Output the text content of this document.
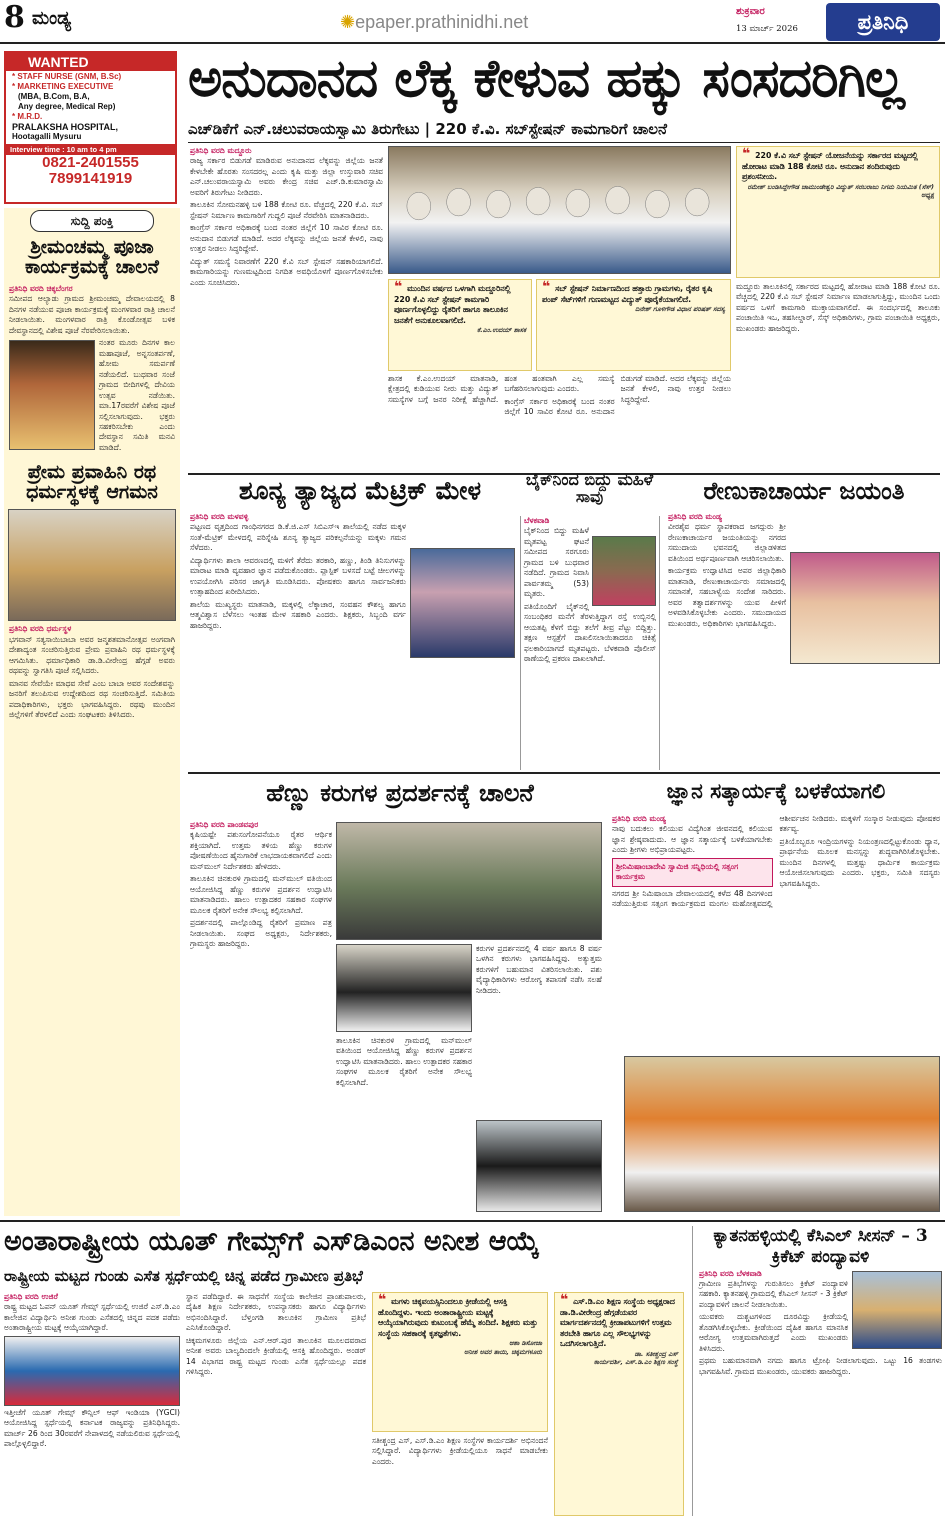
8 ಮಂಡ್ಯ	✺epaper.prathinidhi.net
ಶುಕ್ರವಾರ
13 ಮಾರ್ಚ್ 2026	ಪ್ರತಿನಿಧಿ
WANTED
* STAFF NURSE (GNM, B.Sc)
* MARKETING EXECUTIVE
(MBA, B.Com, B.A,
Any degree, Medical Rep)
* M.R.D.
PRALAKSHA HOSPITAL,
Hootagalli Mysuru
Interview time : 10 am to 4 pm
0821-2401555
7899141919
ಸುದ್ದಿ ಪಂಕ್ತಿ
ಶ್ರೀಮಂಚಮ್ಮ ಪೂಜಾ ಕಾರ್ಯಕ್ರಮಕ್ಕೆ ಚಾಲನೆ
ಪ್ರತಿನಿಧಿ ವರದಿ ಚಿಕ್ಕಬೆಂಗರ

ಸಮೀಪದ ಆಲ್ಯಾಡು ಗ್ರಾಮದ ಶ್ರೀಮಂಚಮ್ಮ ದೇವಾಲಯದಲ್ಲಿ 8 ದಿನಗಳ ನಡೆಯುವ ಪೂಜಾ ಕಾರ್ಯಕ್ರಮಕ್ಕೆ ಮಂಗಳವಾರ ರಾತ್ರಿ ಚಾಲನೆ ನೀಡಲಾಯಿತು. ಮಂಗಳವಾರ ರಾತ್ರಿ ಕೊಂಡೋತ್ಸವ ಬಳಿಕ ದೇವಸ್ಥಾನದಲ್ಲಿ ವಿಶೇಷ ಪೂಜೆ ನೆರವೇರಿಸಲಾಯಿತು.

ನಂತರ ಮೂರು ದಿನಗಳ ಕಾಲ ಮಹಾಪೂಜೆ, ಅನ್ನಸಂತರ್ಪಣೆ, ಹೋಮ ಸಮರ್ಪಣೆ ನಡೆಯಲಿದೆ. ಬುಧವಾರ ಸಂಜೆ ಗ್ರಾಮದ ಬೀದಿಗಳಲ್ಲಿ ದೇವಿಯ ಉತ್ಸವ ನಡೆಯಿತು. ಮಾ.17ರವರೆಗೆ ವಿಶೇಷ ಪೂಜೆ ಸಲ್ಲಿಸಲಾಗುವುದು. ಭಕ್ತರು ಸಹಕರಿಸಬೇಕು ಎಂದು ದೇವಸ್ಥಾನ ಸಮಿತಿ ಮನವಿ ಮಾಡಿದೆ.

ಪ್ರೇಮ ಪ್ರವಾಹಿನಿ ರಥ ಧರ್ಮಸ್ಥಳಕ್ಕೆ ಆಗಮನ
ಪ್ರತಿನಿಧಿ ವರದಿ ಧರ್ಮಸ್ಥಳ

ಭಗವಾನ್ ಸತ್ಯಸಾಯಿಬಾಬಾ ಅವರ ಜನ್ಮಶತಮಾನೋತ್ಸವ ಅಂಗವಾಗಿ ದೇಶಾದ್ಯಂತ ಸಂಚರಿಸುತ್ತಿರುವ ಪ್ರೇಮ ಪ್ರವಾಹಿನಿ ರಥ ಧರ್ಮಸ್ಥಳಕ್ಕೆ ಆಗಮಿಸಿತು. ಧರ್ಮಾಧಿಕಾರಿ ಡಾ.ಡಿ.ವೀರೇಂದ್ರ ಹೆಗ್ಗಡೆ ಅವರು ರಥವನ್ನು ಸ್ವಾಗತಿಸಿ ಪೂಜೆ ಸಲ್ಲಿಸಿದರು.

ಮಾನವ ಸೇವೆಯೇ ಮಾಧವ ಸೇವೆ ಎಂಬ ಬಾಬಾ ಅವರ ಸಂದೇಶವನ್ನು ಜನರಿಗೆ ತಲುಪಿಸುವ ಉದ್ದೇಶದಿಂದ ರಥ ಸಂಚರಿಸುತ್ತಿದೆ. ಸಮಿತಿಯ ಪದಾಧಿಕಾರಿಗಳು, ಭಕ್ತರು ಭಾಗವಹಿಸಿದ್ದರು. ರಥವು ಮುಂದಿನ ಜಿಲ್ಲೆಗಳಿಗೆ ತೆರಳಲಿದೆ ಎಂದು ಸಂಘಟಕರು ತಿಳಿಸಿದರು.

ಅನುದಾನದ ಲೆಕ್ಕ ಕೇಳುವ ಹಕ್ಕು ಸಂಸದರಿಗಿಲ್ಲ
ಎಚ್‌ಡಿಕೆಗೆ ಎನ್.ಚಲುವರಾಯಸ್ವಾಮಿ ತಿರುಗೇಟು | 220 ಕೆ.ವಿ. ಸಬ್‌ಸ್ಟೇಷನ್ ಕಾಮಗಾರಿಗೆ ಚಾಲನೆ
ಪ್ರತಿನಿಧಿ ವರದಿ ಮದ್ದೂರು

ರಾಜ್ಯ ಸರ್ಕಾರ ಬಿಡುಗಡೆ ಮಾಡಿರುವ ಅನುದಾನದ ಲೆಕ್ಕವನ್ನು ಜಿಲ್ಲೆಯ ಜನತೆ ಕೇಳಬೇಕೇ ಹೊರತು ಸಂಸದರಲ್ಲ ಎಂದು ಕೃಷಿ ಮತ್ತು ಜಿಲ್ಲಾ ಉಸ್ತುವಾರಿ ಸಚಿವ ಎನ್.ಚಲುವರಾಯಸ್ವಾಮಿ ಅವರು ಕೇಂದ್ರ ಸಚಿವ ಎಚ್.ಡಿ.ಕುಮಾರಸ್ವಾಮಿ ಅವರಿಗೆ ತಿರುಗೇಟು ನೀಡಿದರು.

ತಾಲೂಕಿನ ಸೋಮನಹಳ್ಳಿ ಬಳಿ 188 ಕೋಟಿ ರೂ. ವೆಚ್ಚದಲ್ಲಿ 220 ಕೆ.ವಿ. ಸಬ್ ಸ್ಟೇಷನ್ ನಿರ್ಮಾಣ ಕಾಮಗಾರಿಗೆ ಗುದ್ದಲಿ ಪೂಜೆ ನೆರವೇರಿಸಿ ಮಾತನಾಡಿದರು.

ಕಾಂಗ್ರೆಸ್ ಸರ್ಕಾರ ಅಧಿಕಾರಕ್ಕೆ ಬಂದ ನಂತರ ಜಿಲ್ಲೆಗೆ 10 ಸಾವಿರ ಕೋಟಿ ರೂ. ಅನುದಾನ ಬಿಡುಗಡೆ ಮಾಡಿದೆ. ಅದರ ಲೆಕ್ಕವನ್ನು ಜಿಲ್ಲೆಯ ಜನತೆ ಕೇಳಲಿ, ನಾವು ಉತ್ತರ ನೀಡಲು ಸಿದ್ಧರಿದ್ದೇವೆ.

ವಿದ್ಯುತ್ ಸಮಸ್ಯೆ ನಿವಾರಣೆಗೆ 220 ಕೆ.ವಿ ಸಬ್ ಸ್ಟೇಷನ್ ಸಹಕಾರಿಯಾಗಲಿದೆ. ಕಾಮಗಾರಿಯನ್ನು ಗುಣಮಟ್ಟದಿಂದ ನಿಗದಿತ ಅವಧಿಯೊಳಗೆ ಪೂರ್ಣಗೊಳಿಸಬೇಕು ಎಂದು ಸೂಚಿಸಿದರು.	❝ ಮುಂದಿನ ವರ್ಷದ ಒಳಗಾಗಿ ಮದ್ದೂರಿನಲ್ಲಿ 220 ಕೆ.ವಿ ಸಬ್ ಸ್ಟೇಷನ್ ಕಾಮಗಾರಿ ಪೂರ್ಣಗೊಳ್ಳಲಿದ್ದು ರೈತರಿಗೆ ಹಾಗೂ ತಾಲೂಕಿನ ಜನತೆಗೆ ಅನುಕೂಲವಾಗಲಿದೆ.
ಕೆ.ಎಂ.ಉದಯ್ ಶಾಸಕ
❝ ಸಬ್ ಸ್ಟೇಷನ್ ನಿರ್ಮಾಣದಿಂದ ಹತ್ತಾರು ಗ್ರಾಮಗಳು, ರೈತರ ಕೃಷಿ ಪಂಪ್ ಸೆಟ್‌ಗಳಿಗೆ ಗುಣಮಟ್ಟದ ವಿದ್ಯುತ್ ಪೂರೈಕೆಯಾಗಲಿದೆ.
ದಿನೇಶ್ ಗೂಳಿಗೌಡ ವಿಧಾನ ಪರಿಷತ್ ಸದಸ್ಯ

ಶಾಸಕ ಕೆ.ಎಂ.ಉದಯ್ ಮಾತನಾಡಿ, ಕ್ಷೇತ್ರದಲ್ಲಿ ಕುಡಿಯುವ ನೀರು ಮತ್ತು ವಿದ್ಯುತ್ ಸಮಸ್ಯೆಗಳ ಬಗ್ಗೆ ಜನರ ನಿರೀಕ್ಷೆ ಹೆಚ್ಚಾಗಿದೆ. ಹಂತ ಹಂತವಾಗಿ ಎಲ್ಲ ಸಮಸ್ಯೆ ಬಗೆಹರಿಸಲಾಗುವುದು ಎಂದರು.

ಕಾಂಗ್ರೆಸ್ ಸರ್ಕಾರ ಅಧಿಕಾರಕ್ಕೆ ಬಂದ ನಂತರ ಜಿಲ್ಲೆಗೆ 10 ಸಾವಿರ ಕೋಟಿ ರೂ. ಅನುದಾನ ಬಿಡುಗಡೆ ಮಾಡಿದೆ. ಅದರ ಲೆಕ್ಕವನ್ನು ಜಿಲ್ಲೆಯ ಜನತೆ ಕೇಳಲಿ, ನಾವು ಉತ್ತರ ನೀಡಲು ಸಿದ್ಧರಿದ್ದೇವೆ.

❝ 220 ಕೆ.ವಿ ಸಬ್ ಸ್ಟೇಷನ್ ಯೋಜನೆಯನ್ನು ಸರ್ಕಾರದ ಮಟ್ಟದಲ್ಲಿ ಹೋರಾಟ ಮಾಡಿ 188 ಕೋಟಿ ರೂ. ಅನುದಾನ ತಂದಿರುವುದು ಪ್ರಶಂಸನೀಯ.
ರಮೇಶ್ ಬಂಡಿಸಿದ್ದೇಗೌಡ ಚಾಮುಂಡೇಶ್ವರಿ ವಿದ್ಯುತ್ ಸರಬರಾಜು ನಿಗಮ ನಿಯಮಿತ (ಸೆಸ್) ಅಧ್ಯಕ್ಷ

ಮದ್ದೂರು ತಾಲೂಕಿನಲ್ಲಿ ಸರ್ಕಾರದ ಮಟ್ಟದಲ್ಲಿ ಹೋರಾಟ ಮಾಡಿ 188 ಕೋಟಿ ರೂ. ವೆಚ್ಚದಲ್ಲಿ 220 ಕೆ.ವಿ ಸಬ್ ಸ್ಟೇಷನ್ ನಿರ್ಮಾಣ ಮಾಡಲಾಗುತ್ತಿದ್ದು, ಮುಂದಿನ ಒಂದು ವರ್ಷದ ಒಳಗೆ ಕಾಮಗಾರಿ ಮುಕ್ತಾಯವಾಗಲಿದೆ. ಈ ಸಂದರ್ಭದಲ್ಲಿ ತಾಲೂಕು ಪಂಚಾಯಿತಿ ಇಒ, ತಹಸೀಲ್ದಾರ್, ಸೆಸ್ಕ್ ಅಧಿಕಾರಿಗಳು, ಗ್ರಾಮ ಪಂಚಾಯಿತಿ ಅಧ್ಯಕ್ಷರು, ಮುಖಂಡರು ಹಾಜರಿದ್ದರು.

ಶೂನ್ಯ ತ್ಯಾಜ್ಯದ ಮೆಟ್ರಿಕ್ ಮೇಳ
ಪ್ರತಿನಿಧಿ ವರದಿ ಮಳವಳ್ಳಿ

ಪಟ್ಟಣದ ವೃತ್ತದಿಂದ ಗಾಂಧಿನಗರದ ಡಿ.ಕೆ.ಜಿ.ಎಸ್ ಸಿಬಿಎಸ್‌ಇ ಶಾಲೆಯಲ್ಲಿ ನಡೆದ ಮಕ್ಕಳ ಸಂತೆ-ಮೆಟ್ರಿಕ್ ಮೇಳದಲ್ಲಿ ಪರಿಸ್ನೇಹಿ ಶೂನ್ಯ ತ್ಯಾಜ್ಯದ ಪರಿಕಲ್ಪನೆಯನ್ನು ಮಕ್ಕಳು ಗಮನ ಸೆಳೆದರು.

ವಿದ್ಯಾರ್ಥಿಗಳು ಶಾಲಾ ಆವರಣದಲ್ಲಿ ಮಳಿಗೆ ತೆರೆದು ತರಕಾರಿ, ಹಣ್ಣು, ತಿಂಡಿ ತಿನಿಸುಗಳನ್ನು ಮಾರಾಟ ಮಾಡಿ ವ್ಯವಹಾರ ಜ್ಞಾನ ಪಡೆದುಕೊಂಡರು. ಪ್ಲಾಸ್ಟಿಕ್ ಬಳಸದೆ ಬಟ್ಟೆ ಚೀಲಗಳನ್ನು ಉಪಯೋಗಿಸಿ ಪರಿಸರ ಜಾಗೃತಿ ಮೂಡಿಸಿದರು. ಪೋಷಕರು ಹಾಗೂ ಸಾರ್ವಜನಿಕರು ಉತ್ಸಾಹದಿಂದ ಖರೀದಿಸಿದರು.

ಶಾಲೆಯ ಮುಖ್ಯಸ್ಥರು ಮಾತನಾಡಿ, ಮಕ್ಕಳಲ್ಲಿ ಲೆಕ್ಕಾಚಾರ, ಸಂವಹನ ಕೌಶಲ್ಯ ಹಾಗೂ ಆತ್ಮವಿಶ್ವಾಸ ಬೆಳೆಸಲು ಇಂತಹ ಮೇಳ ಸಹಕಾರಿ ಎಂದರು. ಶಿಕ್ಷಕರು, ಸಿಬ್ಬಂದಿ ವರ್ಗ ಹಾಜರಿದ್ದರು.

ಬೈಕ್‌ನಿಂದ ಬಿದ್ದು ಮಹಿಳೆ ಸಾವು
ಬೆಳಕವಾಡಿ

ಬೈಕ್‌ನಿಂದ ಬಿದ್ದು ಮಹಿಳೆ ಮೃತಪಟ್ಟ ಘಟನೆ ಸಮೀಪದ ಸರಗೂರು ಗ್ರಾಮದ ಬಳಿ ಬುಧವಾರ ನಡೆದಿದೆ. ಗ್ರಾಮದ ನಿವಾಸಿ ಪಾರ್ವತಮ್ಮ (53) ಮೃತರು.

ಪತಿಯೊಂದಿಗೆ ಬೈಕ್‌ನಲ್ಲಿ ಸಂಬಂಧಿಕರ ಮನೆಗೆ ತೆರಳುತ್ತಿದ್ದಾಗ ರಸ್ತೆ ಉಬ್ಬಿನಲ್ಲಿ ಆಯತಪ್ಪಿ ಕೆಳಗೆ ಬಿದ್ದು ತಲೆಗೆ ತೀವ್ರ ಪೆಟ್ಟು ಬಿದ್ದಿತ್ತು. ತಕ್ಷಣ ಆಸ್ಪತ್ರೆಗೆ ದಾಖಲಿಸಲಾಯಿತಾದರೂ ಚಿಕಿತ್ಸೆ ಫಲಕಾರಿಯಾಗದೆ ಮೃತಪಟ್ಟರು. ಬೆಳಕವಾಡಿ ಪೊಲೀಸ್ ಠಾಣೆಯಲ್ಲಿ ಪ್ರಕರಣ ದಾಖಲಾಗಿದೆ.

ರೇಣುಕಾಚಾರ್ಯ ಜಯಂತಿ
ಪ್ರತಿನಿಧಿ ವರದಿ ಮಂಡ್ಯ

ವೀರಶೈವ ಧರ್ಮ ಸ್ಥಾಪಕರಾದ ಜಗದ್ಗುರು ಶ್ರೀ ರೇಣುಕಾಚಾರ್ಯರ ಜಯಂತಿಯನ್ನು ನಗರದ ಸಮುದಾಯ ಭವನದಲ್ಲಿ ಜಿಲ್ಲಾಡಳಿತದ ವತಿಯಿಂದ ಅರ್ಥಪೂರ್ಣವಾಗಿ ಆಚರಿಸಲಾಯಿತು.

ಕಾರ್ಯಕ್ರಮ ಉದ್ಘಾಟಿಸಿದ ಅಪರ ಜಿಲ್ಲಾಧಿಕಾರಿ ಮಾತನಾಡಿ, ರೇಣುಕಾಚಾರ್ಯರು ಸಮಾಜದಲ್ಲಿ ಸಮಾನತೆ, ಸಹಬಾಳ್ವೆಯ ಸಂದೇಶ ಸಾರಿದರು. ಅವರ ತತ್ವಾದರ್ಶಗಳನ್ನು ಯುವ ಪೀಳಿಗೆ ಅಳವಡಿಸಿಕೊಳ್ಳಬೇಕು ಎಂದರು. ಸಮುದಾಯದ ಮುಖಂಡರು, ಅಧಿಕಾರಿಗಳು ಭಾಗವಹಿಸಿದ್ದರು.

ಹೆಣ್ಣು ಕರುಗಳ ಪ್ರದರ್ಶನಕ್ಕೆ ಚಾಲನೆ
ಪ್ರತಿನಿಧಿ ವರದಿ ಪಾಂಡವಪುರ

ಕೃಷಿಯಷ್ಟೇ ಪಶುಸಂಗೋಪನೆಯೂ ರೈತರ ಆರ್ಥಿಕ ಶಕ್ತಿಯಾಗಿದೆ. ಉತ್ತಮ ತಳಿಯ ಹೆಣ್ಣು ಕರುಗಳ ಪೋಷಣೆಯಿಂದ ಹೈನುಗಾರಿಕೆ ಲಾಭದಾಯಕವಾಗಲಿದೆ ಎಂದು ಮನ್‌ಮುಲ್ ನಿರ್ದೇಶಕರು ಹೇಳಿದರು.

ತಾಲೂಕಿನ ಚಿನಕುರಳಿ ಗ್ರಾಮದಲ್ಲಿ ಮನ್‌ಮುಲ್ ವತಿಯಿಂದ ಆಯೋಜಿಸಿದ್ದ ಹೆಣ್ಣು ಕರುಗಳ ಪ್ರದರ್ಶನ ಉದ್ಘಾಟಿಸಿ ಮಾತನಾಡಿದರು. ಹಾಲು ಉತ್ಪಾದಕರ ಸಹಕಾರ ಸಂಘಗಳ ಮೂಲಕ ರೈತರಿಗೆ ಅನೇಕ ಸೌಲಭ್ಯ ಕಲ್ಪಿಸಲಾಗಿದೆ.

ಪ್ರದರ್ಶನದಲ್ಲಿ ಪಾಲ್ಗೊಂಡಿದ್ದ ರೈತರಿಗೆ ಪ್ರಮಾಣ ಪತ್ರ ನೀಡಲಾಯಿತು. ಸಂಘದ ಅಧ್ಯಕ್ಷರು, ನಿರ್ದೇಶಕರು, ಗ್ರಾಮಸ್ಥರು ಹಾಜರಿದ್ದರು.

ಕರುಗಳ ಪ್ರದರ್ಶನದಲ್ಲಿ 4 ವರ್ಷ ಹಾಗೂ 8 ವರ್ಷ ಒಳಗಿನ ಕರುಗಳು ಭಾಗವಹಿಸಿದ್ದವು. ಅತ್ಯುತ್ತಮ ಕರುಗಳಿಗೆ ಬಹುಮಾನ ವಿತರಿಸಲಾಯಿತು. ಪಶು ವೈದ್ಯಾಧಿಕಾರಿಗಳು ಆರೋಗ್ಯ ತಪಾಸಣೆ ನಡೆಸಿ ಸಲಹೆ ನೀಡಿದರು.

ತಾಲೂಕಿನ ಚಿನಕುರಳಿ ಗ್ರಾಮದಲ್ಲಿ ಮನ್‌ಮುಲ್ ವತಿಯಿಂದ ಆಯೋಜಿಸಿದ್ದ ಹೆಣ್ಣು ಕರುಗಳ ಪ್ರದರ್ಶನ ಉದ್ಘಾಟಿಸಿ ಮಾತನಾಡಿದರು. ಹಾಲು ಉತ್ಪಾದಕರ ಸಹಕಾರ ಸಂಘಗಳ ಮೂಲಕ ರೈತರಿಗೆ ಅನೇಕ ಸೌಲಭ್ಯ ಕಲ್ಪಿಸಲಾಗಿದೆ.

ಜ್ಞಾನ ಸತ್ಕಾರ್ಯಕ್ಕೆ ಬಳಕೆಯಾಗಲಿ
ಪ್ರತಿನಿಧಿ ವರದಿ ಮಂಡ್ಯ

ನಾವು ಬದುಕಲು ಕಲಿಯುವ ವಿದ್ಯೆಗಿಂತ ಜೀವನದಲ್ಲಿ ಕಲಿಯುವ ಜ್ಞಾನ ಶ್ರೇಷ್ಠವಾದುದು. ಆ ಜ್ಞಾನ ಸತ್ಕಾರ್ಯಕ್ಕೆ ಬಳಕೆಯಾಗಬೇಕು ಎಂದು ಶ್ರೀಗಳು ಅಭಿಪ್ರಾಯಪಟ್ಟರು.

ಶ್ರೀನಿಮಿಷಾಂಬಾದೇವಿ ಸ್ವಾಮಿಜಿ ಸನ್ನಿಧಿಯಲ್ಲಿ ಸತ್ಸಂಗ ಕಾರ್ಯಕ್ರಮ

ನಗರದ ಶ್ರೀ ನಿಮಿಷಾಂಬಾ ದೇವಾಲಯದಲ್ಲಿ ಕಳೆದ 48 ದಿನಗಳಿಂದ ನಡೆಯುತ್ತಿರುವ ಸತ್ಸಂಗ ಕಾರ್ಯಕ್ರಮದ ಮಂಗಲ ಮಹೋತ್ಸವದಲ್ಲಿ ಆಶೀರ್ವಚನ ನೀಡಿದರು. ಮಕ್ಕಳಿಗೆ ಸಂಸ್ಕಾರ ನೀಡುವುದು ಪೋಷಕರ ಕರ್ತವ್ಯ.

ಪ್ರತಿಯೊಬ್ಬರೂ ಇಂದ್ರಿಯಗಳನ್ನು ನಿಯಂತ್ರಣದಲ್ಲಿಟ್ಟುಕೊಂಡು ಧ್ಯಾನ, ಪ್ರಾರ್ಥನೆಯ ಮೂಲಕ ಮನಸ್ಸನ್ನು ಶುದ್ಧವಾಗಿರಿಸಿಕೊಳ್ಳಬೇಕು. ಮುಂದಿನ ದಿನಗಳಲ್ಲಿ ಮತ್ತಷ್ಟು ಧಾರ್ಮಿಕ ಕಾರ್ಯಕ್ರಮ ಆಯೋಜಿಸಲಾಗುವುದು ಎಂದರು. ಭಕ್ತರು, ಸಮಿತಿ ಸದಸ್ಯರು ಭಾಗವಹಿಸಿದ್ದರು.

ಅಂತಾರಾಷ್ಟ್ರೀಯ ಯೂತ್ ಗೇಮ್ಸ್‌ಗೆ ಎಸ್‌ಡಿಎಂನ ಅನೀಶ ಆಯ್ಕೆ
ರಾಷ್ಟ್ರೀಯ ಮಟ್ಟದ ಗುಂಡು ಎಸೆತ ಸ್ಪರ್ಧೆಯಲ್ಲಿ ಚಿನ್ನ ಪಡೆದ ಗ್ರಾಮೀಣ ಪ್ರತಿಭೆ
ಪ್ರತಿನಿಧಿ ವರದಿ ಉಜಿರೆ

ರಾಷ್ಟ್ರ ಮಟ್ಟದ ಓಪನ್ ಯೂತ್ ಗೇಮ್ಸ್ ಸ್ಪರ್ಧೆಯಲ್ಲಿ ಉಜಿರೆ ಎಸ್.ಡಿ.ಎಂ ಕಾಲೇಜಿನ ವಿದ್ಯಾರ್ಥಿನಿ ಅನೀಶ ಗುಂಡು ಎಸೆತದಲ್ಲಿ ಚಿನ್ನದ ಪದಕ ಪಡೆದು ಅಂತಾರಾಷ್ಟ್ರೀಯ ಮಟ್ಟಕ್ಕೆ ಆಯ್ಕೆಯಾಗಿದ್ದಾರೆ.

ಇತ್ತೀಚೆಗೆ ಯೂತ್ ಗೇಮ್ಸ್ ಕೌನ್ಸಿಲ್ ಆಫ್ ಇಂಡಿಯಾ (YGCI) ಆಯೋಜಿಸಿದ್ದ ಸ್ಪರ್ಧೆಯಲ್ಲಿ ಕರ್ನಾಟಕ ರಾಜ್ಯವನ್ನು ಪ್ರತಿನಿಧಿಸಿದ್ದರು. ಮಾರ್ಚ್ 26 ರಿಂದ 30ರವರೆಗೆ ನೇಪಾಳದಲ್ಲಿ ನಡೆಯಲಿರುವ ಸ್ಪರ್ಧೆಯಲ್ಲಿ ಪಾಲ್ಗೊಳ್ಳಲಿದ್ದಾರೆ.

ಸ್ಥಾನ ಪಡೆದಿದ್ದಾರೆ. ಈ ಸಾಧನೆಗೆ ಸಂಸ್ಥೆಯ ಕಾಲೇಜಿನ ಪ್ರಾಂಶುಪಾಲರು, ದೈಹಿಕ ಶಿಕ್ಷಣ ನಿರ್ದೇಶಕರು, ಉಪನ್ಯಾಸಕರು ಹಾಗೂ ವಿದ್ಯಾರ್ಥಿಗಳು ಅಭಿನಂದಿಸಿದ್ದಾರೆ. ಬೆಳ್ತಂಗಡಿ ತಾಲೂಕಿನ ಗ್ರಾಮೀಣ ಪ್ರತಿಭೆ ಎನಿಸಿಕೊಂಡಿದ್ದಾರೆ.

ಚಿಕ್ಕಮಗಳೂರು ಜಿಲ್ಲೆಯ ಎನ್.ಆರ್.ಪುರ ತಾಲೂಕಿನ ಮೂಲದವರಾದ ಅನೀಶ ಅವರು ಬಾಲ್ಯದಿಂದಲೇ ಕ್ರೀಡೆಯಲ್ಲಿ ಆಸಕ್ತಿ ಹೊಂದಿದ್ದರು. ಅಂಡರ್ 14 ವಿಭಾಗದ ರಾಷ್ಟ್ರ ಮಟ್ಟದ ಗುಂಡು ಎಸೆತ ಸ್ಪರ್ಧೆಯಲ್ಲೂ ಪದಕ ಗಳಿಸಿದ್ದರು.

❝ ಮಗಳು ಚಿಕ್ಕವಯಸ್ಸಿನಿಂದಲೂ ಕ್ರೀಡೆಯಲ್ಲಿ ಆಸಕ್ತಿ ಹೊಂದಿದ್ದಳು. ಇಂದು ಅಂತಾರಾಷ್ಟ್ರೀಯ ಮಟ್ಟಕ್ಕೆ ಆಯ್ಕೆಯಾಗಿರುವುದು ಕುಟುಂಬಕ್ಕೆ ಹೆಮ್ಮೆ ತಂದಿದೆ. ಶಿಕ್ಷಕರು ಮತ್ತು ಸಂಸ್ಥೆಯ ಸಹಕಾರಕ್ಕೆ ಕೃತಜ್ಞತೆಗಳು.
ಆಶಾ ಡಿಸೋಜಾ
ಅನೀಶ ಅವರ ತಾಯಿ, ಚಿಕ್ಕಮಗಳೂರು

ಸತೀಶ್ಚಂದ್ರ ಎಸ್, ಎಸ್.ಡಿ.ಎಂ ಶಿಕ್ಷಣ ಸಂಸ್ಥೆಗಳ ಕಾರ್ಯದರ್ಶಿ ಅಭಿನಂದನೆ ಸಲ್ಲಿಸಿದ್ದಾರೆ. ವಿದ್ಯಾರ್ಥಿಗಳು ಕ್ರೀಡೆಯಲ್ಲಿಯೂ ಸಾಧನೆ ಮಾಡಬೇಕು ಎಂದರು.

❝ ಎಸ್.ಡಿ.ಎಂ ಶಿಕ್ಷಣ ಸಂಸ್ಥೆಯ ಅಧ್ಯಕ್ಷರಾದ ಡಾ.ಡಿ.ವೀರೇಂದ್ರ ಹೆಗ್ಗಡೆಯವರ ಮಾರ್ಗದರ್ಶನದಲ್ಲಿ ಕ್ರೀಡಾಪಟುಗಳಿಗೆ ಉತ್ತಮ ತರಬೇತಿ ಹಾಗೂ ಎಲ್ಲ ಸೌಲಭ್ಯಗಳನ್ನು ಒದಗಿಸಲಾಗುತ್ತಿದೆ.
ಡಾ. ಸತೀಶ್ಚಂದ್ರ ಎಸ್
ಕಾರ್ಯದರ್ಶಿ, ಎಸ್.ಡಿ.ಎಂ ಶಿಕ್ಷಣ ಸಂಸ್ಥೆ
ಕ್ಯಾತನಹಳ್ಳಿಯಲ್ಲಿ ಕೆಸಿಎಲ್ ಸೀಸನ್ – 3 ಕ್ರಿಕೆಟ್ ಪಂದ್ಯಾವಳಿ
ಪ್ರತಿನಿಧಿ ವರದಿ ಬೆಳಕವಾಡಿ

ಗ್ರಾಮೀಣ ಪ್ರತಿಭೆಗಳನ್ನು ಗುರುತಿಸಲು ಕ್ರಿಕೆಟ್ ಪಂದ್ಯಾವಳಿ ಸಹಕಾರಿ. ಕ್ಯಾತನಹಳ್ಳಿ ಗ್ರಾಮದಲ್ಲಿ ಕೆಸಿಎಲ್ ಸೀಸನ್ - 3 ಕ್ರಿಕೆಟ್ ಪಂದ್ಯಾವಳಿಗೆ ಚಾಲನೆ ನೀಡಲಾಯಿತು.

ಯುವಕರು ದುಶ್ಚಟಗಳಿಂದ ದೂರವಿದ್ದು ಕ್ರೀಡೆಯಲ್ಲಿ ತೊಡಗಿಸಿಕೊಳ್ಳಬೇಕು. ಕ್ರೀಡೆಯಿಂದ ದೈಹಿಕ ಹಾಗೂ ಮಾನಸಿಕ ಆರೋಗ್ಯ ಉತ್ತಮವಾಗಿರುತ್ತದೆ ಎಂದು ಮುಖಂಡರು ತಿಳಿಸಿದರು.

ಪ್ರಥಮ ಬಹುಮಾನವಾಗಿ ನಗದು ಹಾಗೂ ಟ್ರೋಫಿ ನೀಡಲಾಗುವುದು. ಒಟ್ಟು 16 ತಂಡಗಳು ಭಾಗವಹಿಸಿವೆ. ಗ್ರಾಮದ ಮುಖಂಡರು, ಯುವಕರು ಹಾಜರಿದ್ದರು.
